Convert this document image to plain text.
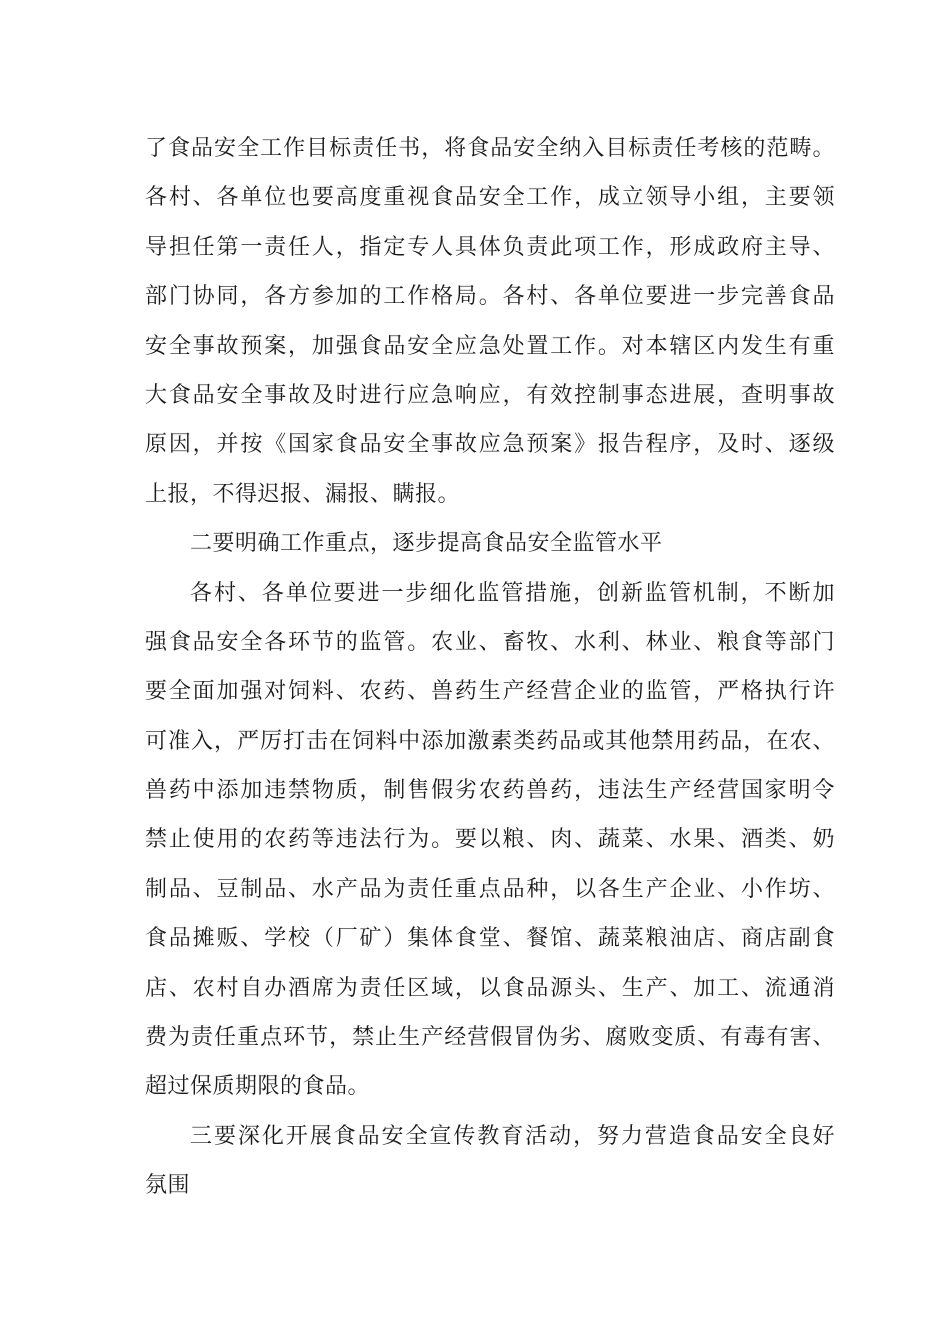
了食品安全工作目标责任书，将食品安全纳入目标责任考核的范畴。
各村、各单位也要高度重视食品安全工作，成立领导小组，主要领
导担任第一责任人，指定专人具体负责此项工作，形成政府主导、
部门协同，各方参加的工作格局。各村、各单位要进一步完善食品
安全事故预案，加强食品安全应急处置工作。对本辖区内发生有重
大食品安全事故及时进行应急响应，有效控制事态进展，查明事故
原因，并按《国家食品安全事故应急预案》报告程序，及时、逐级
上报，不得迟报、漏报、瞒报。
二要明确工作重点，逐步提高食品安全监管水平
各村、各单位要进一步细化监管措施，创新监管机制，不断加
强食品安全各环节的监管。农业、畜牧、水利、林业、粮食等部门
要全面加强对饲料、农药、兽药生产经营企业的监管，严格执行许
可准入，严厉打击在饲料中添加激素类药品或其他禁用药品，在农、
兽药中添加违禁物质，制售假劣农药兽药，违法生产经营国家明令
禁止使用的农药等违法行为。要以粮、肉、蔬菜、水果、酒类、奶
制品、豆制品、水产品为责任重点品种，以各生产企业、小作坊、
食品摊贩、学校（厂矿）集体食堂、餐馆、蔬菜粮油店、商店副食
店、农村自办酒席为责任区域，以食品源头、生产、加工、流通消
费为责任重点环节，禁止生产经营假冒伪劣、腐败变质、有毒有害、
超过保质期限的食品。
三要深化开展食品安全宣传教育活动，努力营造食品安全良好
氛围
